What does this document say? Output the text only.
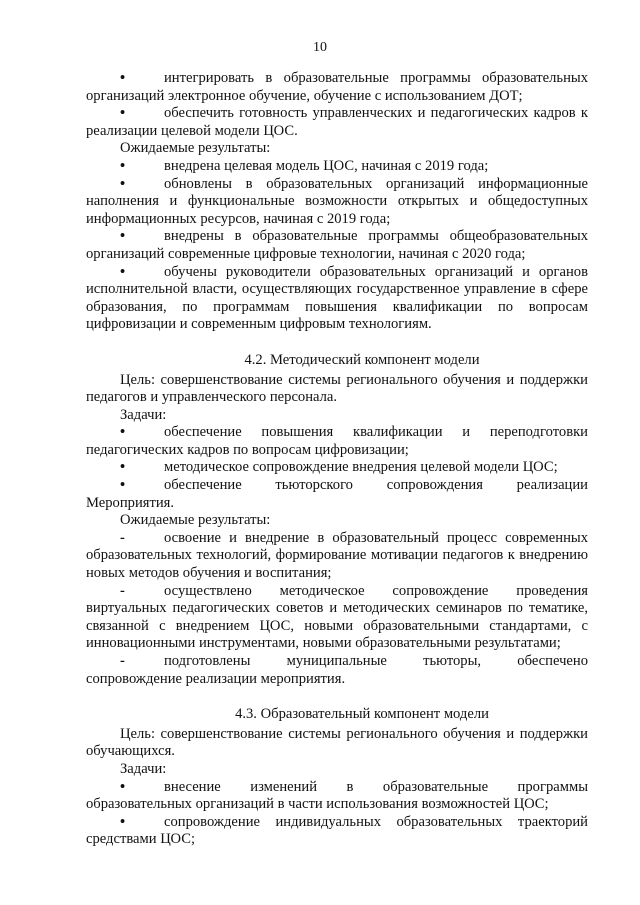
10

•	интегрировать в образовательные программы образовательных организаций электронное обучение, обучение с использованием ДОТ;

•	обеспечить готовность управленческих и педагогических кадров к реализации целевой модели ЦОС.

Ожидаемые результаты:

•	внедрена целевая модель ЦОС, начиная с 2019 года;

•	обновлены в образовательных организаций информационные наполнения и функциональные возможности открытых и общедоступных информационных ресурсов, начиная с 2019 года;

•	внедрены в образовательные программы общеобразовательных организаций современные цифровые технологии, начиная с 2020 года;

•	обучены руководители образовательных организаций и органов исполнительной власти, осуществляющих государственное управление в сфере образования, по программам повышения квалификации по вопросам цифровизации и современным цифровым технологиям.

4.2. Методический компонент модели

Цель: совершенствование системы регионального обучения и поддержки педагогов и управленческого персонала.

Задачи:

•	обеспечение повышения квалификации и переподготовки педагогических кадров по вопросам цифровизации;

•	методическое сопровождение внедрения целевой модели ЦОС;

•	обеспечение тьюторского сопровождения реализации Мероприятия.

Ожидаемые результаты:

-	освоение и внедрение в образовательный процесс современных образовательных технологий, формирование мотивации педагогов к внедрению новых методов обучения и воспитания;

-	осуществлено методическое сопровождение проведения виртуальных педагогических советов и методических семинаров по тематике, связанной с внедрением ЦОС, новыми образовательными стандартами, с инновационными инструментами, новыми образовательными результатами;

-	подготовлены муниципальные тьюторы, обеспечено сопровождение реализации мероприятия.

4.3. Образовательный компонент модели

Цель: совершенствование системы регионального обучения и поддержки обучающихся.

Задачи:

•	внесение изменений в образовательные программы образовательных организаций в части использования возможностей ЦОС;

•	сопровождение индивидуальных образовательных траекторий средствами ЦОС;
